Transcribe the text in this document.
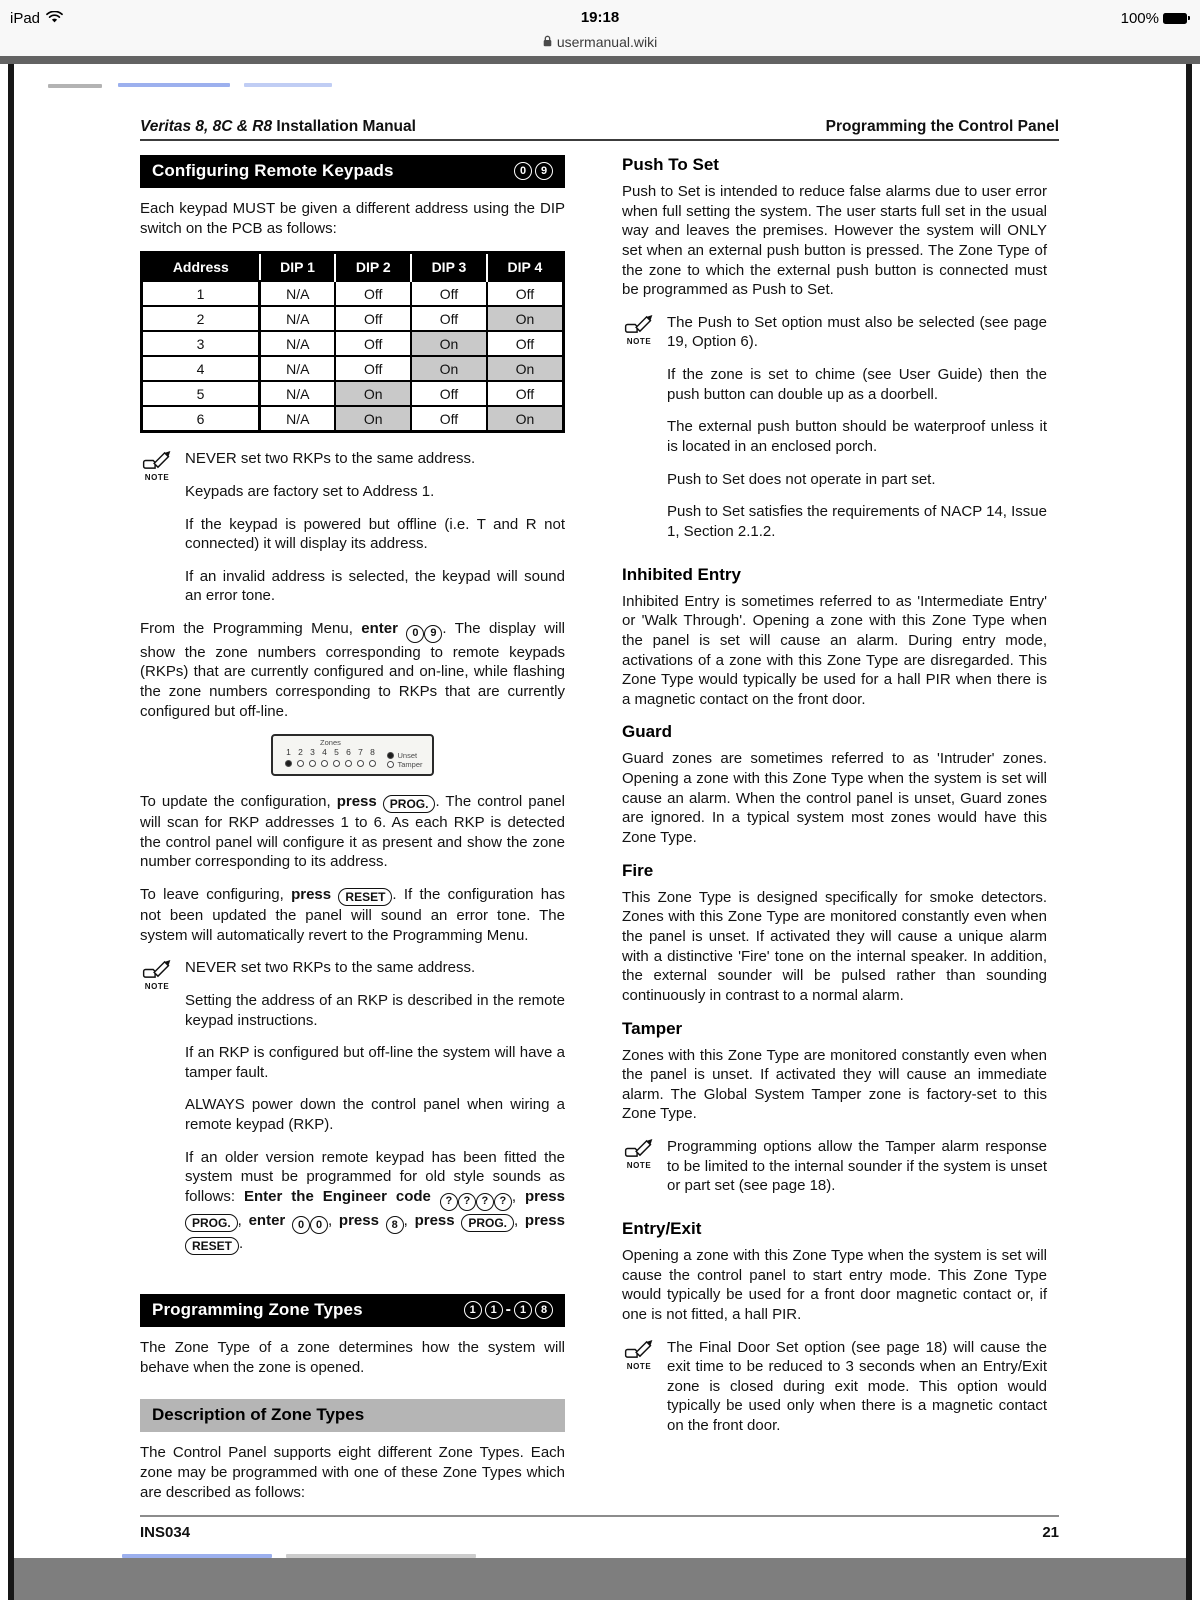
iPad	19:18	100%
usermanual.wiki
Veritas 8, 8C & R8 Installation Manual	Programming the Control Panel
Configuring Remote Keypads	0	9

Each keypad MUST be given a different address using the DIP switch on the PCB as follows:

Address	DIP 1	DIP 2	DIP 3	DIP 4
1	N/A	Off	Off	Off
2	N/A	Off	Off	On
3	N/A	Off	On	Off
4	N/A	Off	On	On
5	N/A	On	Off	Off
6	N/A	On	Off	On
NOTE

NEVER set two RKPs to the same address.

Keypads are factory set to Address 1.

If the keypad is powered but offline (i.e. T and R not connected) it will display its address.

If an invalid address is selected, the keypad will sound an error tone.

From the Programming Menu, enter 0 9 . The display will show the zone numbers corresponding to remote keypads (RKPs) that are currently configured and on-line, while flashing the zone numbers corresponding to RKPs that are currently configured but off-line.

Zones
1 2 3 4 5 6 7 8	Unset
Tamper

To update the configuration, press PROG. . The control panel will scan for RKP addresses 1 to 6. As each RKP is detected the control panel will configure it as present and show the zone number corresponding to its address.

To leave configuring, press RESET . If the configuration has not been updated the panel will sound an error tone. The system will automatically revert to the Programming Menu.

NOTE

NEVER set two RKPs to the same address.

Setting the address of an RKP is described in the remote keypad instructions.

If an RKP is configured but off-line the system will have a tamper fault.

ALWAYS power down the control panel when wiring a remote keypad (RKP).

If an older version remote keypad has been fitted the system must be programmed for old style sounds as follows: Enter the Engineer code ? ? ? ? , press PROG. , enter 0 0 , press 8 , press PROG. , press RESET .

Programming Zone Types	1	1 - 1	8

The Zone Type of a zone determines how the system will behave when the zone is opened.

Description of Zone Types

The Control Panel supports eight different Zone Types. Each zone may be programmed with one of these Zone Types which are described as follows:

Push To Set

Push to Set is intended to reduce false alarms due to user error when full setting the system. The user starts full set in the usual way and leaves the premises. However the system will ONLY set when an external push button is pressed. The Zone Type of the zone to which the external push button is connected must be programmed as Push to Set.

NOTE

The Push to Set option must also be selected (see page 19, Option 6).

If the zone is set to chime (see User Guide) then the push button can double up as a doorbell.

The external push button should be waterproof unless it is located in an enclosed porch.

Push to Set does not operate in part set.

Push to Set satisfies the requirements of NACP 14, Issue 1, Section 2.1.2.

Inhibited Entry

Inhibited Entry is sometimes referred to as 'Intermediate Entry' or 'Walk Through'. Opening a zone with this Zone Type when the panel is set will cause an alarm. During entry mode, activations of a zone with this Zone Type are disregarded. This Zone Type would typically be used for a hall PIR when there is a magnetic contact on the front door.

Guard

Guard zones are sometimes referred to as 'Intruder' zones. Opening a zone with this Zone Type when the system is set will cause an alarm. When the control panel is unset, Guard zones are ignored. In a typical system most zones would have this Zone Type.

Fire

This Zone Type is designed specifically for smoke detectors. Zones with this Zone Type are monitored constantly even when the panel is unset. If activated they will cause a unique alarm with a distinctive 'Fire' tone on the internal speaker. In addition, the external sounder will be pulsed rather than sounding continuously in contrast to a normal alarm.

Tamper

Zones with this Zone Type are monitored constantly even when the panel is unset. If activated they will cause an immediate alarm. The Global System Tamper zone is factory-set to this Zone Type.

NOTE

Programming options allow the Tamper alarm response to be limited to the internal sounder if the system is unset or part set (see page 18).

Entry/Exit

Opening a zone with this Zone Type when the system is set will cause the control panel to start entry mode. This Zone Type would typically be used for a front door magnetic contact or, if one is not fitted, a hall PIR.

NOTE

The Final Door Set option (see page 18) will cause the exit time to be reduced to 3 seconds when an Entry/Exit zone is closed during exit mode. This option would typically be used only when there is a magnetic contact on the front door.

INS034	21
